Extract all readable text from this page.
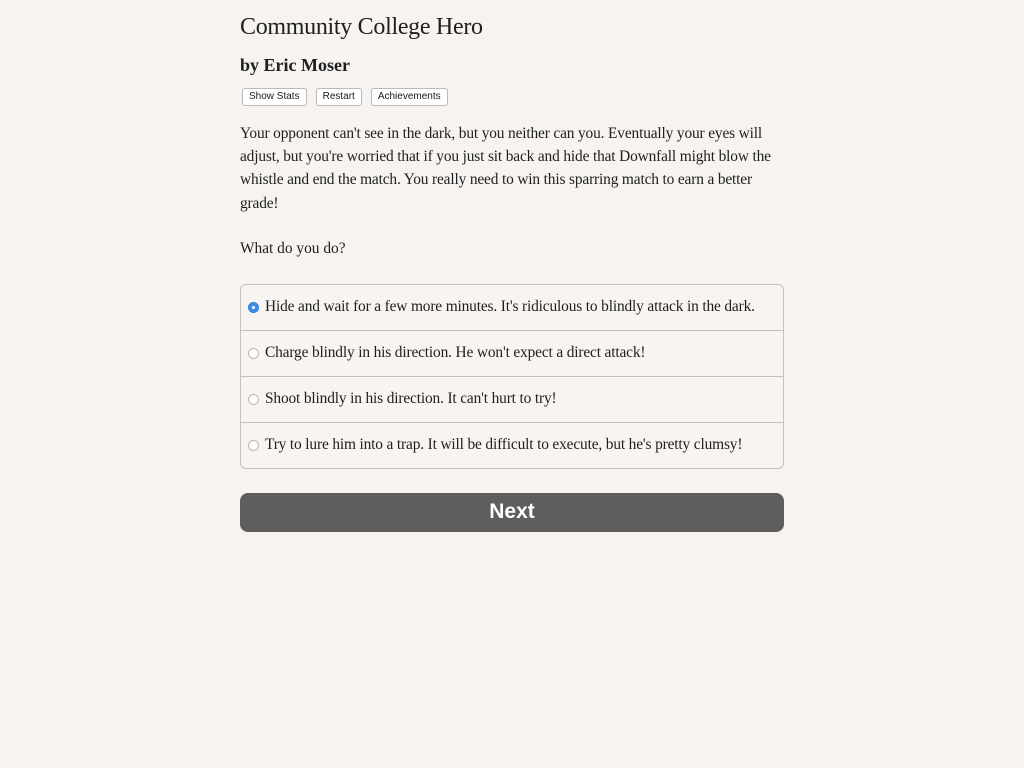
Community College Hero
by Eric Moser
Show Stats	Restart	Achievements

Your opponent can't see in the dark, but you neither can you. Eventually your eyes will adjust, but you're worried that if you just sit back and hide that Downfall might blow the whistle and end the match. You really need to win this sparring match to earn a better grade!

What do you do?

Hide and wait for a few more minutes. It's ridiculous to blindly attack in the dark.
Charge blindly in his direction. He won't expect a direct attack!
Shoot blindly in his direction. It can't hurt to try!
Try to lure him into a trap. It will be difficult to execute, but he's pretty clumsy!
Next
